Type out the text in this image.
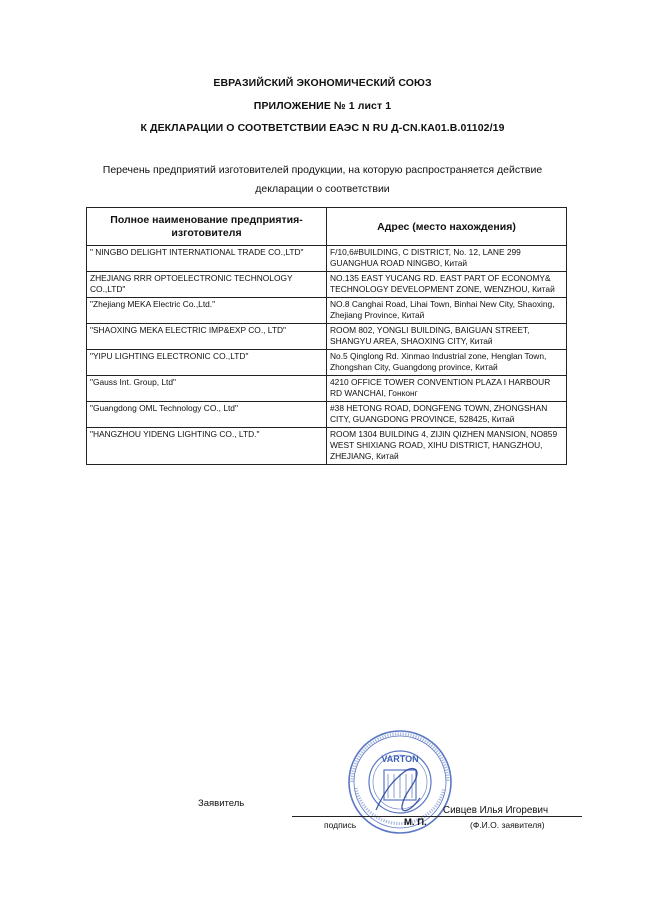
ЕВРАЗИЙСКИЙ ЭКОНОМИЧЕСКИЙ СОЮЗ
ПРИЛОЖЕНИЕ № 1 лист 1
К ДЕКЛАРАЦИИ О СООТВЕТСТВИИ ЕАЭС N RU Д-CN.КА01.В.01102/19
Перечень предприятий изготовителей продукции, на которую распространяется действие
декларации о соответствии
Полное наименование предприятия-изготовителя	Адрес (место нахождения)
" NINGBO DELIGHT INTERNATIONAL TRADE CO.,LTD"	F/10,6#BUILDING, C DISTRICT, No. 12, LANE 299 GUANGHUA ROAD NINGBO, Китай
ZHEJIANG RRR OPTOELECTRONIC TECHNOLOGY CO.,LTD"	NO.135 EAST YUCANG RD. EAST PART OF ECONOMY& TECHNOLOGY DEVELOPMENT ZONE, WENZHOU, Китай
"Zhejiang MEKA Electric Co.,Ltd."	NO.8 Canghai Road, Lihai Town, Binhai New City, Shaoxing, Zhejiang Province, Китай
"SHAOXING MEKA ELECTRIC IMP&EXP CO., LTD"	ROOM 802, YONGLI BUILDING, BAIGUAN STREET, SHANGYU AREA, SHAOXING CITY, Китай
"YIPU LIGHTING ELECTRONIC CO.,LTD"	No.5 Qinglong Rd. Xinmao Industrial zone, Henglan Town, Zhongshan City, Guangdong province, Китай
"Gauss Int. Group, Ltd"	4210 OFFICE TOWER CONVENTION PLAZA I HARBOUR RD WANCHAI, Гонконг
"Guangdong OML Technology CO., Ltd"	#38 HETONG ROAD, DONGFENG TOWN, ZHONGSHAN CITY, GUANGDONG PROVINCE, 528425, Китай
"HANGZHOU YIDENG LIGHTING CO., LTD."	ROOM 1304 BUILDING 4, ZIJIN QIZHEN MANSION, NO859 WEST SHIXIANG ROAD, XIHU DISTRICT, HANGZHOU, ZHEJIANG, Китай
Заявитель
VARTON
Сивцев Илья Игоревич
подпись	М. П.	(Ф.И.О. заявителя)
